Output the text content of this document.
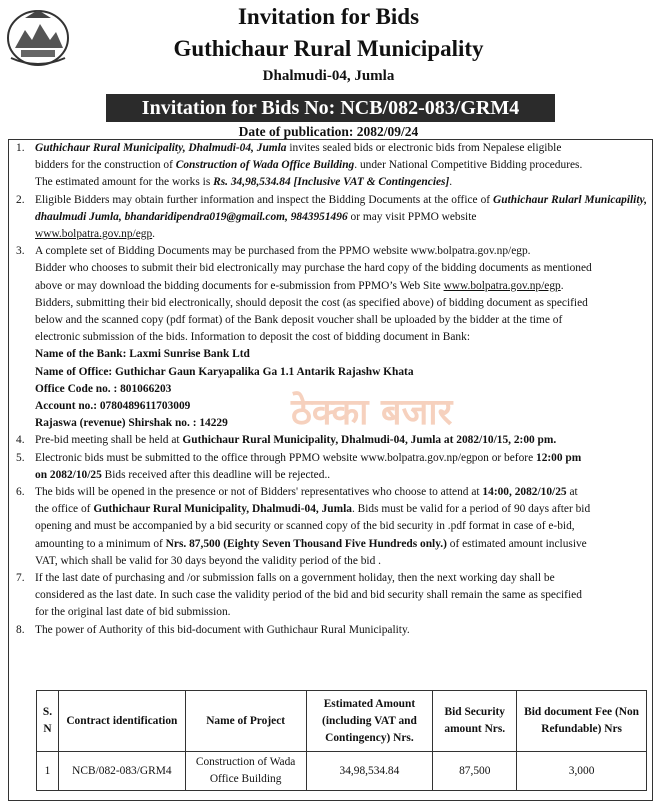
Invitation for Bids
Guthichaur Rural Municipality
Dhalmudi-04, Jumla
Invitation for Bids No: NCB/082-083/GRM4
Date of publication: 2082/09/24
1. Guthichaur Rural Municipality, Dhalmudi-04, Jumla invites sealed bids or electronic bids from Nepalese eligible
bidders for the construction of Construction of Wada Office Building. under National Competitive Bidding procedures.
The estimated amount for the works is Rs. 34,98,534.84 [Inclusive VAT & Contingencies].
2. Eligible Bidders may obtain further information and inspect the Bidding Documents at the office of Guthichaur Rularl Municapility, dhaulmudi Jumla, bhandaridipendra019@gmail.com, 9843951496 or may visit PPMO website
www.bolpatra.gov.np/egp.
3. A complete set of Bidding Documents may be purchased from the PPMO website www.bolpatra.gov.np/egp.
Bidder who chooses to submit their bid electronically may purchase the hard copy of the bidding documents as mentioned
above or may download the bidding documents for e-submission from PPMO’s Web Site www.bolpatra.gov.np/egp.
Bidders, submitting their bid electronically, should deposit the cost (as specified above) of bidding document as specified
below and the scanned copy (pdf format) of the Bank deposit voucher shall be uploaded by the bidder at the time of
electronic submission of the bids. Information to deposit the cost of bidding document in Bank:
Name of the Bank: Laxmi Sunrise Bank Ltd
Name of Office: Guthichar Gaun Karyapalika Ga 1.1 Antarik Rajashw Khata
Office Code no. : 801066203
Account no.: 0780489611703009
Rajaswa (revenue) Shirshak no. : 14229
4. Pre-bid meeting shall be held at Guthichaur Rural Municipality, Dhalmudi-04, Jumla at 2082/10/15, 2:00 pm.
5. Electronic bids must be submitted to the office through PPMO website www.bolpatra.gov.np/egpon or before 12:00 pm
on 2082/10/25 Bids received after this deadline will be rejected..
6. The bids will be opened in the presence or not of Bidders' representatives who choose to attend at 14:00, 2082/10/25 at
the office of Guthichaur Rural Municipality, Dhalmudi-04, Jumla. Bids must be valid for a period of 90 days after bid
opening and must be accompanied by a bid security or scanned copy of the bid security in .pdf format in case of e-bid,
amounting to a minimum of Nrs. 87,500 (Eighty Seven Thousand Five Hundreds only.) of estimated amount inclusive
VAT, which shall be valid for 30 days beyond the validity period of the bid .
7. If the last date of purchasing and /or submission falls on a government holiday, then the next working day shall be
considered as the last date. In such case the validity period of the bid and bid security shall remain the same as specified
for the original last date of bid submission.
8. The power of Authority of this bid-document with Guthichaur Rural Municipality.
ठेक्का बजार
S. N	Contract identification	Name of Project	Estimated Amount (including VAT and Contingency) Nrs.	Bid Security amount Nrs.	Bid document Fee (Non Refundable) Nrs
1	NCB/082-083/GRM4	Construction of Wada Office Building	34,98,534.84	87,500	3,000
